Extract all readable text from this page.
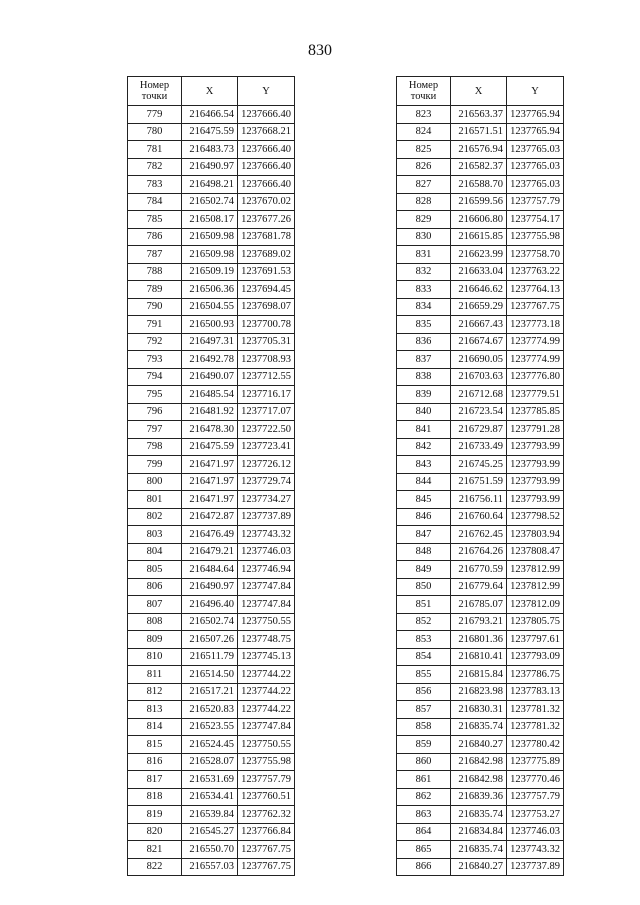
830
Номер точки	X	Y
779	216466.54	1237666.40
780	216475.59	1237668.21
781	216483.73	1237666.40
782	216490.97	1237666.40
783	216498.21	1237666.40
784	216502.74	1237670.02
785	216508.17	1237677.26
786	216509.98	1237681.78
787	216509.98	1237689.02
788	216509.19	1237691.53
789	216506.36	1237694.45
790	216504.55	1237698.07
791	216500.93	1237700.78
792	216497.31	1237705.31
793	216492.78	1237708.93
794	216490.07	1237712.55
795	216485.54	1237716.17
796	216481.92	1237717.07
797	216478.30	1237722.50
798	216475.59	1237723.41
799	216471.97	1237726.12
800	216471.97	1237729.74
801	216471.97	1237734.27
802	216472.87	1237737.89
803	216476.49	1237743.32
804	216479.21	1237746.03
805	216484.64	1237746.94
806	216490.97	1237747.84
807	216496.40	1237747.84
808	216502.74	1237750.55
809	216507.26	1237748.75
810	216511.79	1237745.13
811	216514.50	1237744.22
812	216517.21	1237744.22
813	216520.83	1237744.22
814	216523.55	1237747.84
815	216524.45	1237750.55
816	216528.07	1237755.98
817	216531.69	1237757.79
818	216534.41	1237760.51
819	216539.84	1237762.32
820	216545.27	1237766.84
821	216550.70	1237767.75
822	216557.03	1237767.75
Номер точки	X	Y
823	216563.37	1237765.94
824	216571.51	1237765.94
825	216576.94	1237765.03
826	216582.37	1237765.03
827	216588.70	1237765.03
828	216599.56	1237757.79
829	216606.80	1237754.17
830	216615.85	1237755.98
831	216623.99	1237758.70
832	216633.04	1237763.22
833	216646.62	1237764.13
834	216659.29	1237767.75
835	216667.43	1237773.18
836	216674.67	1237774.99
837	216690.05	1237774.99
838	216703.63	1237776.80
839	216712.68	1237779.51
840	216723.54	1237785.85
841	216729.87	1237791.28
842	216733.49	1237793.99
843	216745.25	1237793.99
844	216751.59	1237793.99
845	216756.11	1237793.99
846	216760.64	1237798.52
847	216762.45	1237803.94
848	216764.26	1237808.47
849	216770.59	1237812.99
850	216779.64	1237812.99
851	216785.07	1237812.09
852	216793.21	1237805.75
853	216801.36	1237797.61
854	216810.41	1237793.09
855	216815.84	1237786.75
856	216823.98	1237783.13
857	216830.31	1237781.32
858	216835.74	1237781.32
859	216840.27	1237780.42
860	216842.98	1237775.89
861	216842.98	1237770.46
862	216839.36	1237757.79
863	216835.74	1237753.27
864	216834.84	1237746.03
865	216835.74	1237743.32
866	216840.27	1237737.89
